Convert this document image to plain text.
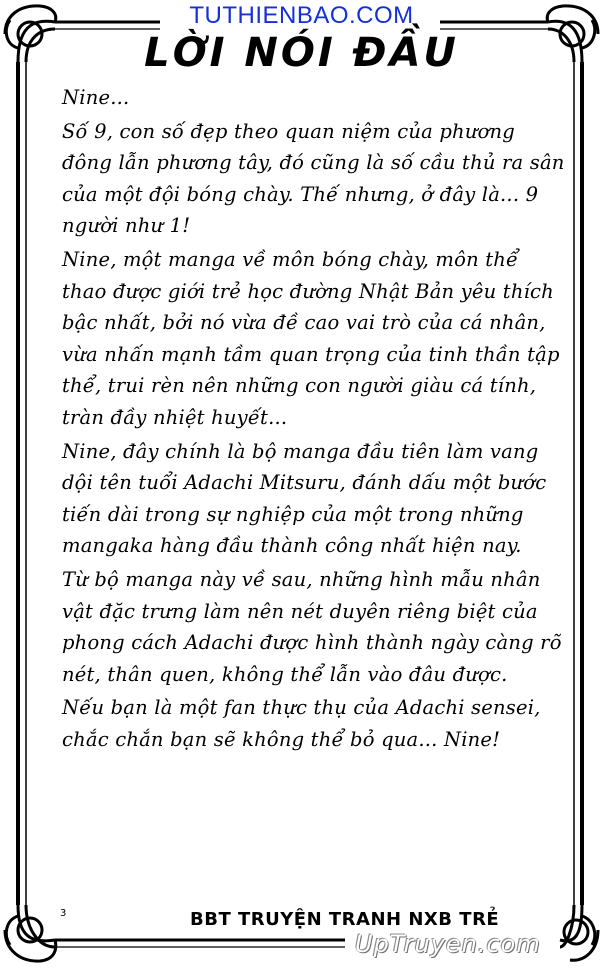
TUTHIENBAO.COM
LỜI NÓI ĐẦU

Nine...

Số 9, con số đẹp theo quan niệm của phương đông lẫn phương tây, đó cũng là số cầu thủ ra sân của một đội bóng chày. Thế nhưng, ở đây là... 9 người như 1!

Nine, một manga về môn bóng chày, môn thể thao được giới trẻ học đường Nhật Bản yêu thích bậc nhất, bởi nó vừa đề cao vai trò của cá nhân, vừa nhấn mạnh tầm quan trọng của tinh thần tập thể, trui rèn nên những con người giàu cá tính, tràn đầy nhiệt huyết...

Nine, đây chính là bộ manga đầu tiên làm vang dội tên tuổi Adachi Mitsuru, đánh dấu một bước tiến dài trong sự nghiệp của một trong những mangaka hàng đầu thành công nhất hiện nay.

Từ bộ manga này về sau, những hình mẫu nhân vật đặc trưng làm nên nét duyên riêng biệt của phong cách Adachi được hình thành ngày càng rõ nét, thân quen, không thể lẫn vào đâu được.

Nếu bạn là một fan thực thụ của Adachi sensei, chắc chắn bạn sẽ không thể bỏ qua... Nine!

3	BBT TRUYỆN TRANH NXB TRẺ
UpTruyen.com
